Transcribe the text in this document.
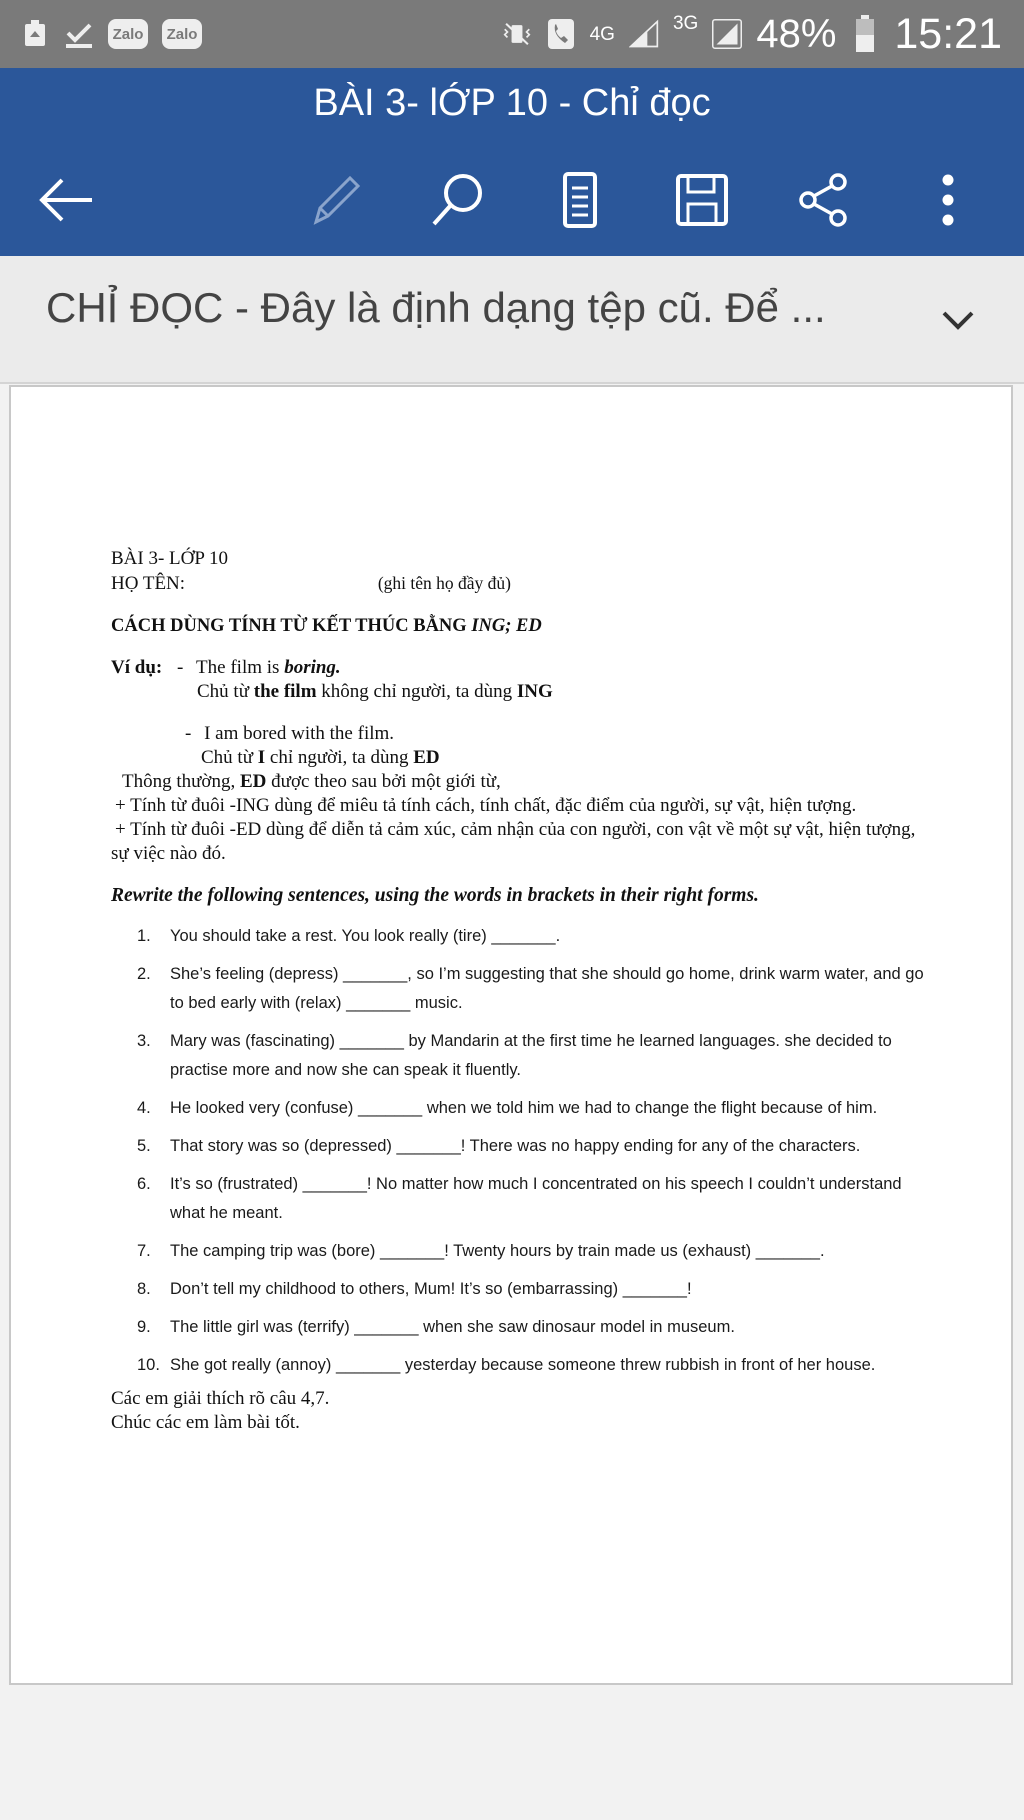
Zalo	Zalo	4G	3G 48% 15:21
BÀI 3- lỚP 10 - Chỉ đọc
CHỈ ĐỌC - Đây là định dạng tệp cũ. Để ...

BÀI 3- LỚP 10

HỌ TÊN:	(ghi tên họ đầy đủ)

CÁCH DÙNG TÍNH TỪ KẾT THÚC BẰNG ING; ED

Ví dụ: - The film is boring.

Chủ từ the film không chỉ người, ta dùng ING

- I am bored with the film.

Chủ từ I chỉ người, ta dùng ED

Thông thường, ED được theo sau bởi một giới từ,

+ Tính từ đuôi -ING dùng để miêu tả tính cách, tính chất, đặc điểm của người, sự vật, hiện tượng.

+ Tính từ đuôi -ED dùng để diễn tả cảm xúc, cảm nhận của con người, con vật về một sự vật, hiện tượng, sự việc nào đó.

Rewrite the following sentences, using the words in brackets in their right forms.

1. You should take a rest. You look really (tire) _______.
2. She’s feeling (depress) _______, so I’m suggesting that she should go home, drink warm water, and go to bed early with (relax) _______ music.
3. Mary was (fascinating) _______ by Mandarin at the first time he learned languages. she decided to practise more and now she can speak it fluently.
4. He looked very (confuse) _______ when we told him we had to change the flight because of him.
5. That story was so (depressed) _______! There was no happy ending for any of the characters.
6. It’s so (frustrated) _______! No matter how much I concentrated on his speech I couldn’t understand what he meant.
7. The camping trip was (bore) _______! Twenty hours by train made us (exhaust) _______.
8. Don’t tell my childhood to others, Mum! It’s so (embarrassing) _______!
9. The little girl was (terrify) _______ when she saw dinosaur model in museum.
10. She got really (annoy) _______ yesterday because someone threw rubbish in front of her house.

Các em giải thích rõ câu 4,7.

Chúc các em làm bài tốt.
